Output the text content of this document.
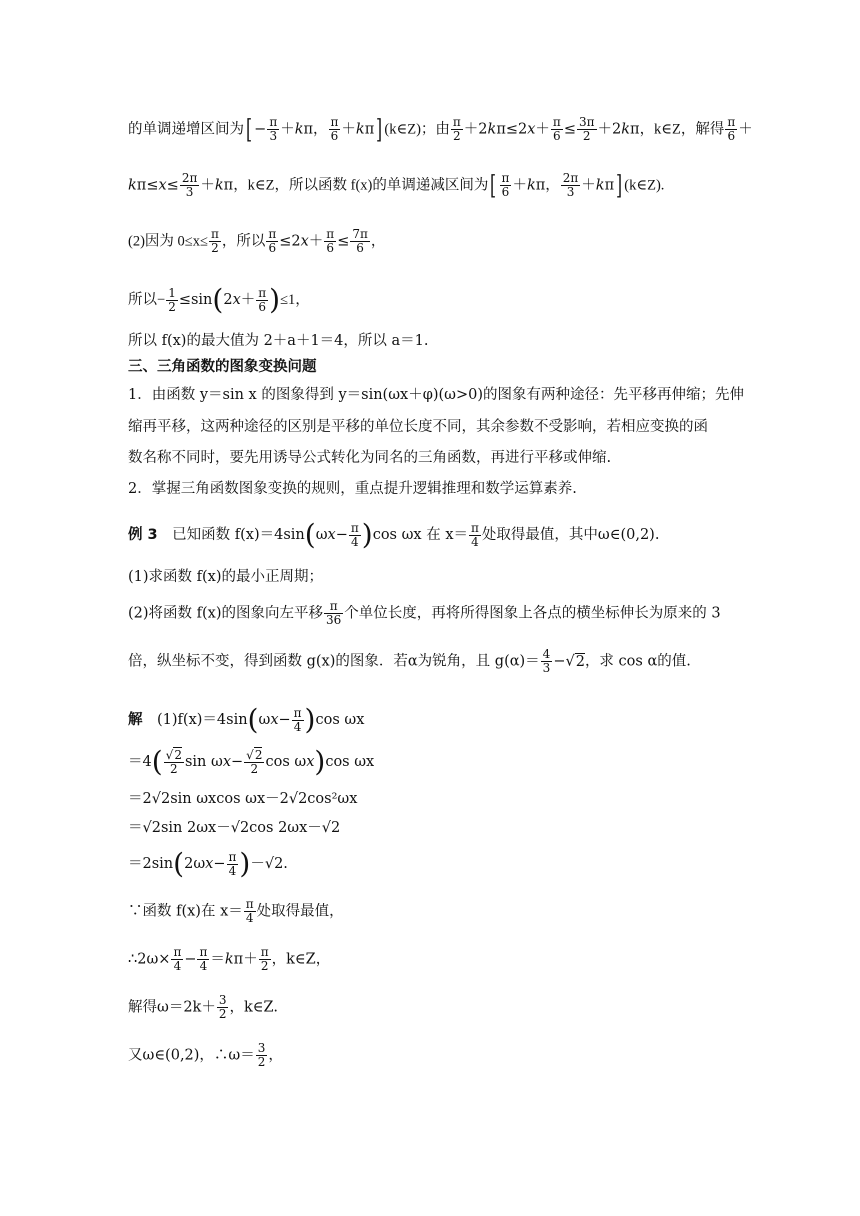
的单调递增区间为[ − $\frac{\pi}{3} +k\pi$， $\frac{\pi}{6} +k\pi$] (k∈Z)；由 $\frac{\pi}{2} +2k\pi\le 2x+ \frac{\pi}{6} \le \frac{3\pi}{2} +2k\pi$，k∈Z，解得 $\frac{\pi}{6}$ ＋
$k\pi\le x\le \frac{2\pi}{3} +k\pi$，k∈Z，所以函数 f(x)的单调递减区间为[ $\frac{\pi}{6} +k\pi$， $\frac{2\pi}{3} +k\pi$] (k∈Z).
(2)因为 $0\le x\le \frac{\pi}{2}$ ，所以 $\frac{\pi}{6} \le 2x+ \frac{\pi}{6} \le \frac{7\pi}{6}$ ，
所以− $\frac{1}{2} \le\sin(2x+ \frac{\pi}{6} )\le 1$，
所以 f(x)的最大值为 2＋a＋1＝4，所以 a＝1.
三、三角函数的图象变换问题
1．由函数 y＝sin x 的图象得到 y＝sin(ωx＋φ)(ω>0)的图象有两种途径：先平移再伸缩；先伸
缩再平移，这两种途径的区别是平移的单位长度不同，其余参数不受影响，若相应变换的函
数名称不同时，要先用诱导公式转化为同名的三角函数，再进行平移或伸缩.
2．掌握三角函数图象变换的规则，重点提升逻辑推理和数学运算素养.
例 3　 已知函数 $f(x)=4\sin(\omega x- \frac{\pi}{4} )\cos$ ωx 在 $x= \frac{\pi}{4}$ 处取得最值，其中ω∈(0,2).
(1)求函数 f(x)的最小正周期；
(2)将函数 f(x)的图象向左平移 $\frac{\pi}{36}$ 个单位长度，再将所得图象上各点的横坐标伸长为原来的 3
倍，纵坐标不变，得到函数 g(x)的图象．若α为锐角，且 $g(\alpha)= \frac{4}{3} -√2$，求 cos α的值.
解　 $(1)f(x)=4\sin(\omega x- \frac{\pi}{4} )\cos$ ωx
$=4( \frac{√2}{2}$ $\sin \omega x- \frac{√2}{2}$ cos ωx)cos ωx
＝2√2sin ωxcos ωx－2√2cos²ωx
＝√2sin 2ωx－√2cos 2ωx－√2
$=2\sin(2\omega x- \frac{\pi}{4} )-√2$.
∵函数 f(x)在 $x= \frac{\pi}{4}$ 处取得最值，
∴2ω× $\frac{\pi}{4} - \frac{\pi}{4} =k\pi+ \frac{\pi}{2}$ ，k∈Z，
解得$\omega=2k+ \frac{3}{2}$ ，k∈Z.
又ω∈(0,2)，∴ω＝ $\frac{3}{2}$ ，
